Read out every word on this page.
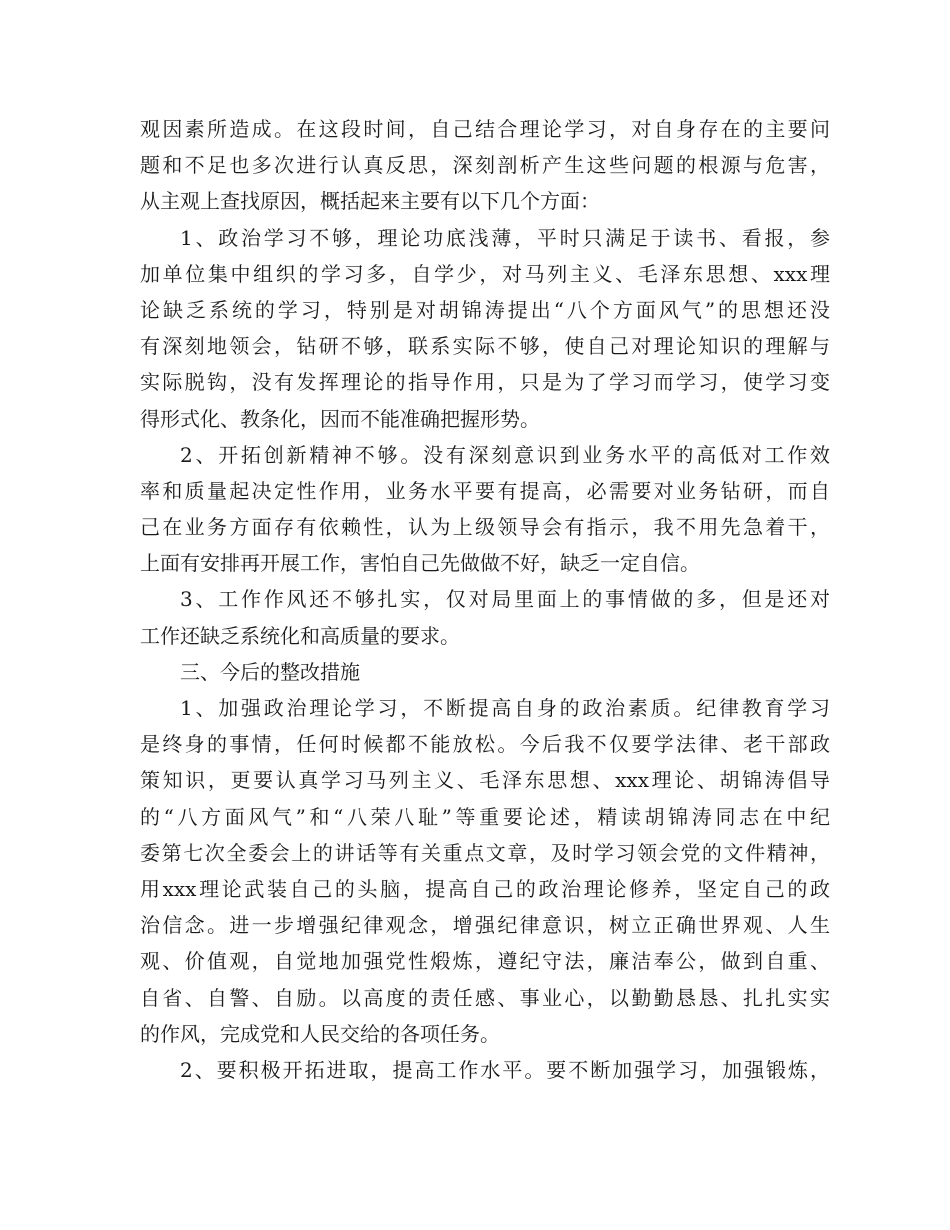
观因素所造成。在这段时间，自己结合理论学习，对自身存在的主要问
题和不足也多次进行认真反思，深刻剖析产生这些问题的根源与危害，
从主观上查找原因，概括起来主要有以下几个方面：
1、政治学习不够，理论功底浅薄，平时只满足于读书、看报，参
加单位集中组织的学习多，自学少，对马列主义、毛泽东思想、xxx理
论缺乏系统的学习，特别是对胡锦涛提出“八个方面风气”的思想还没
有深刻地领会，钻研不够，联系实际不够，使自己对理论知识的理解与
实际脱钩，没有发挥理论的指导作用，只是为了学习而学习，使学习变
得形式化、教条化，因而不能准确把握形势。
2、开拓创新精神不够。没有深刻意识到业务水平的高低对工作效
率和质量起决定性作用，业务水平要有提高，必需要对业务钻研，而自
己在业务方面存有依赖性，认为上级领导会有指示，我不用先急着干，
上面有安排再开展工作，害怕自己先做做不好，缺乏一定自信。
3、工作作风还不够扎实，仅对局里面上的事情做的多，但是还对
工作还缺乏系统化和高质量的要求。
三、今后的整改措施
1、加强政治理论学习，不断提高自身的政治素质。纪律教育学习
是终身的事情，任何时候都不能放松。今后我不仅要学法律、老干部政
策知识，更要认真学习马列主义、毛泽东思想、xxx理论、胡锦涛倡导
的“八方面风气”和“八荣八耻”等重要论述，精读胡锦涛同志在中纪
委第七次全委会上的讲话等有关重点文章，及时学习领会党的文件精神，
用xxx理论武装自己的头脑，提高自己的政治理论修养，坚定自己的政
治信念。进一步增强纪律观念，增强纪律意识，树立正确世界观、人生
观、价值观，自觉地加强党性煅炼，遵纪守法，廉洁奉公，做到自重、
自省、自警、自励。以高度的责任感、事业心，以勤勤恳恳、扎扎实实
的作风，完成党和人民交给的各项任务。
2、要积极开拓进取，提高工作水平。要不断加强学习，加强锻炼，
